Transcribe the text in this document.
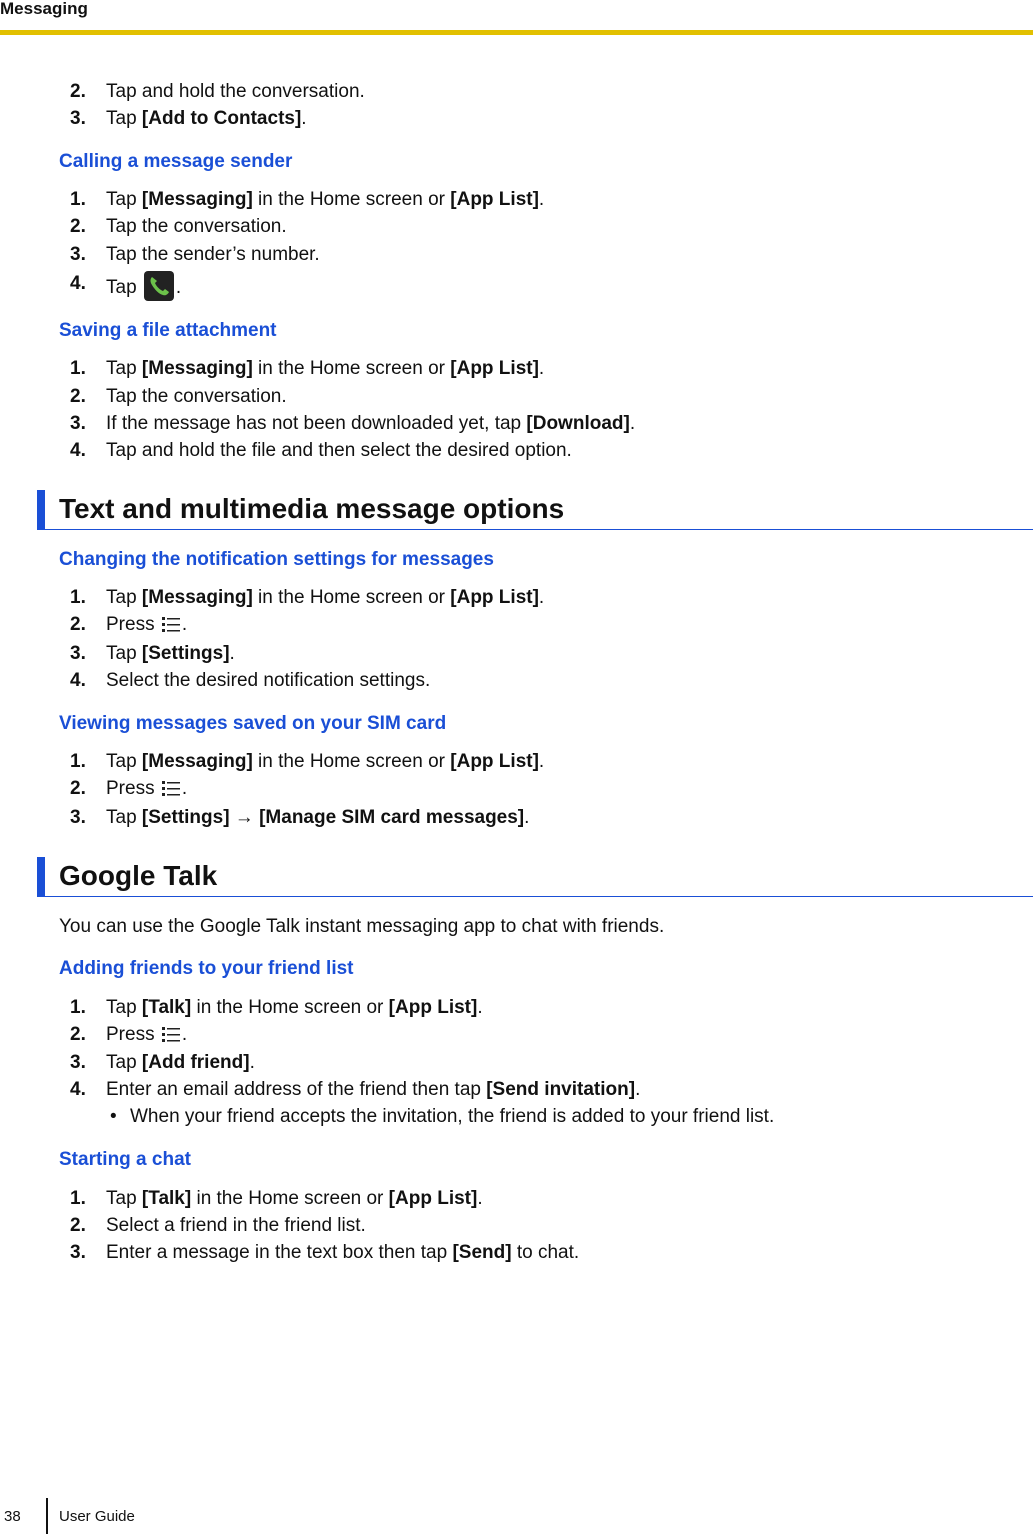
Messaging
2. Tap and hold the conversation.
3. Tap [Add to Contacts].
Calling a message sender
1. Tap [Messaging] in the Home screen or [App List].
2. Tap the conversation.
3. Tap the sender’s number.
4. Tap .
Saving a file attachment
1. Tap [Messaging] in the Home screen or [App List].
2. Tap the conversation.
3. If the message has not been downloaded yet, tap [Download].
4. Tap and hold the file and then select the desired option.
Text and multimedia message options
Changing the notification settings for messages
1. Tap [Messaging] in the Home screen or [App List].
2. Press .
3. Tap [Settings].
4. Select the desired notification settings.
Viewing messages saved on your SIM card
1. Tap [Messaging] in the Home screen or [App List].
2. Press .
3. Tap [Settings] → [Manage SIM card messages].
Google Talk
You can use the Google Talk instant messaging app to chat with friends.
Adding friends to your friend list
1. Tap [Talk] in the Home screen or [App List].
2. Press .
3. Tap [Add friend].
4. Enter an email address of the friend then tap [Send invitation].
• When your friend accepts the invitation, the friend is added to your friend list.
Starting a chat
1. Tap [Talk] in the Home screen or [App List].
2. Select a friend in the friend list.
3. Enter a message in the text box then tap [Send] to chat.
38	User Guide
